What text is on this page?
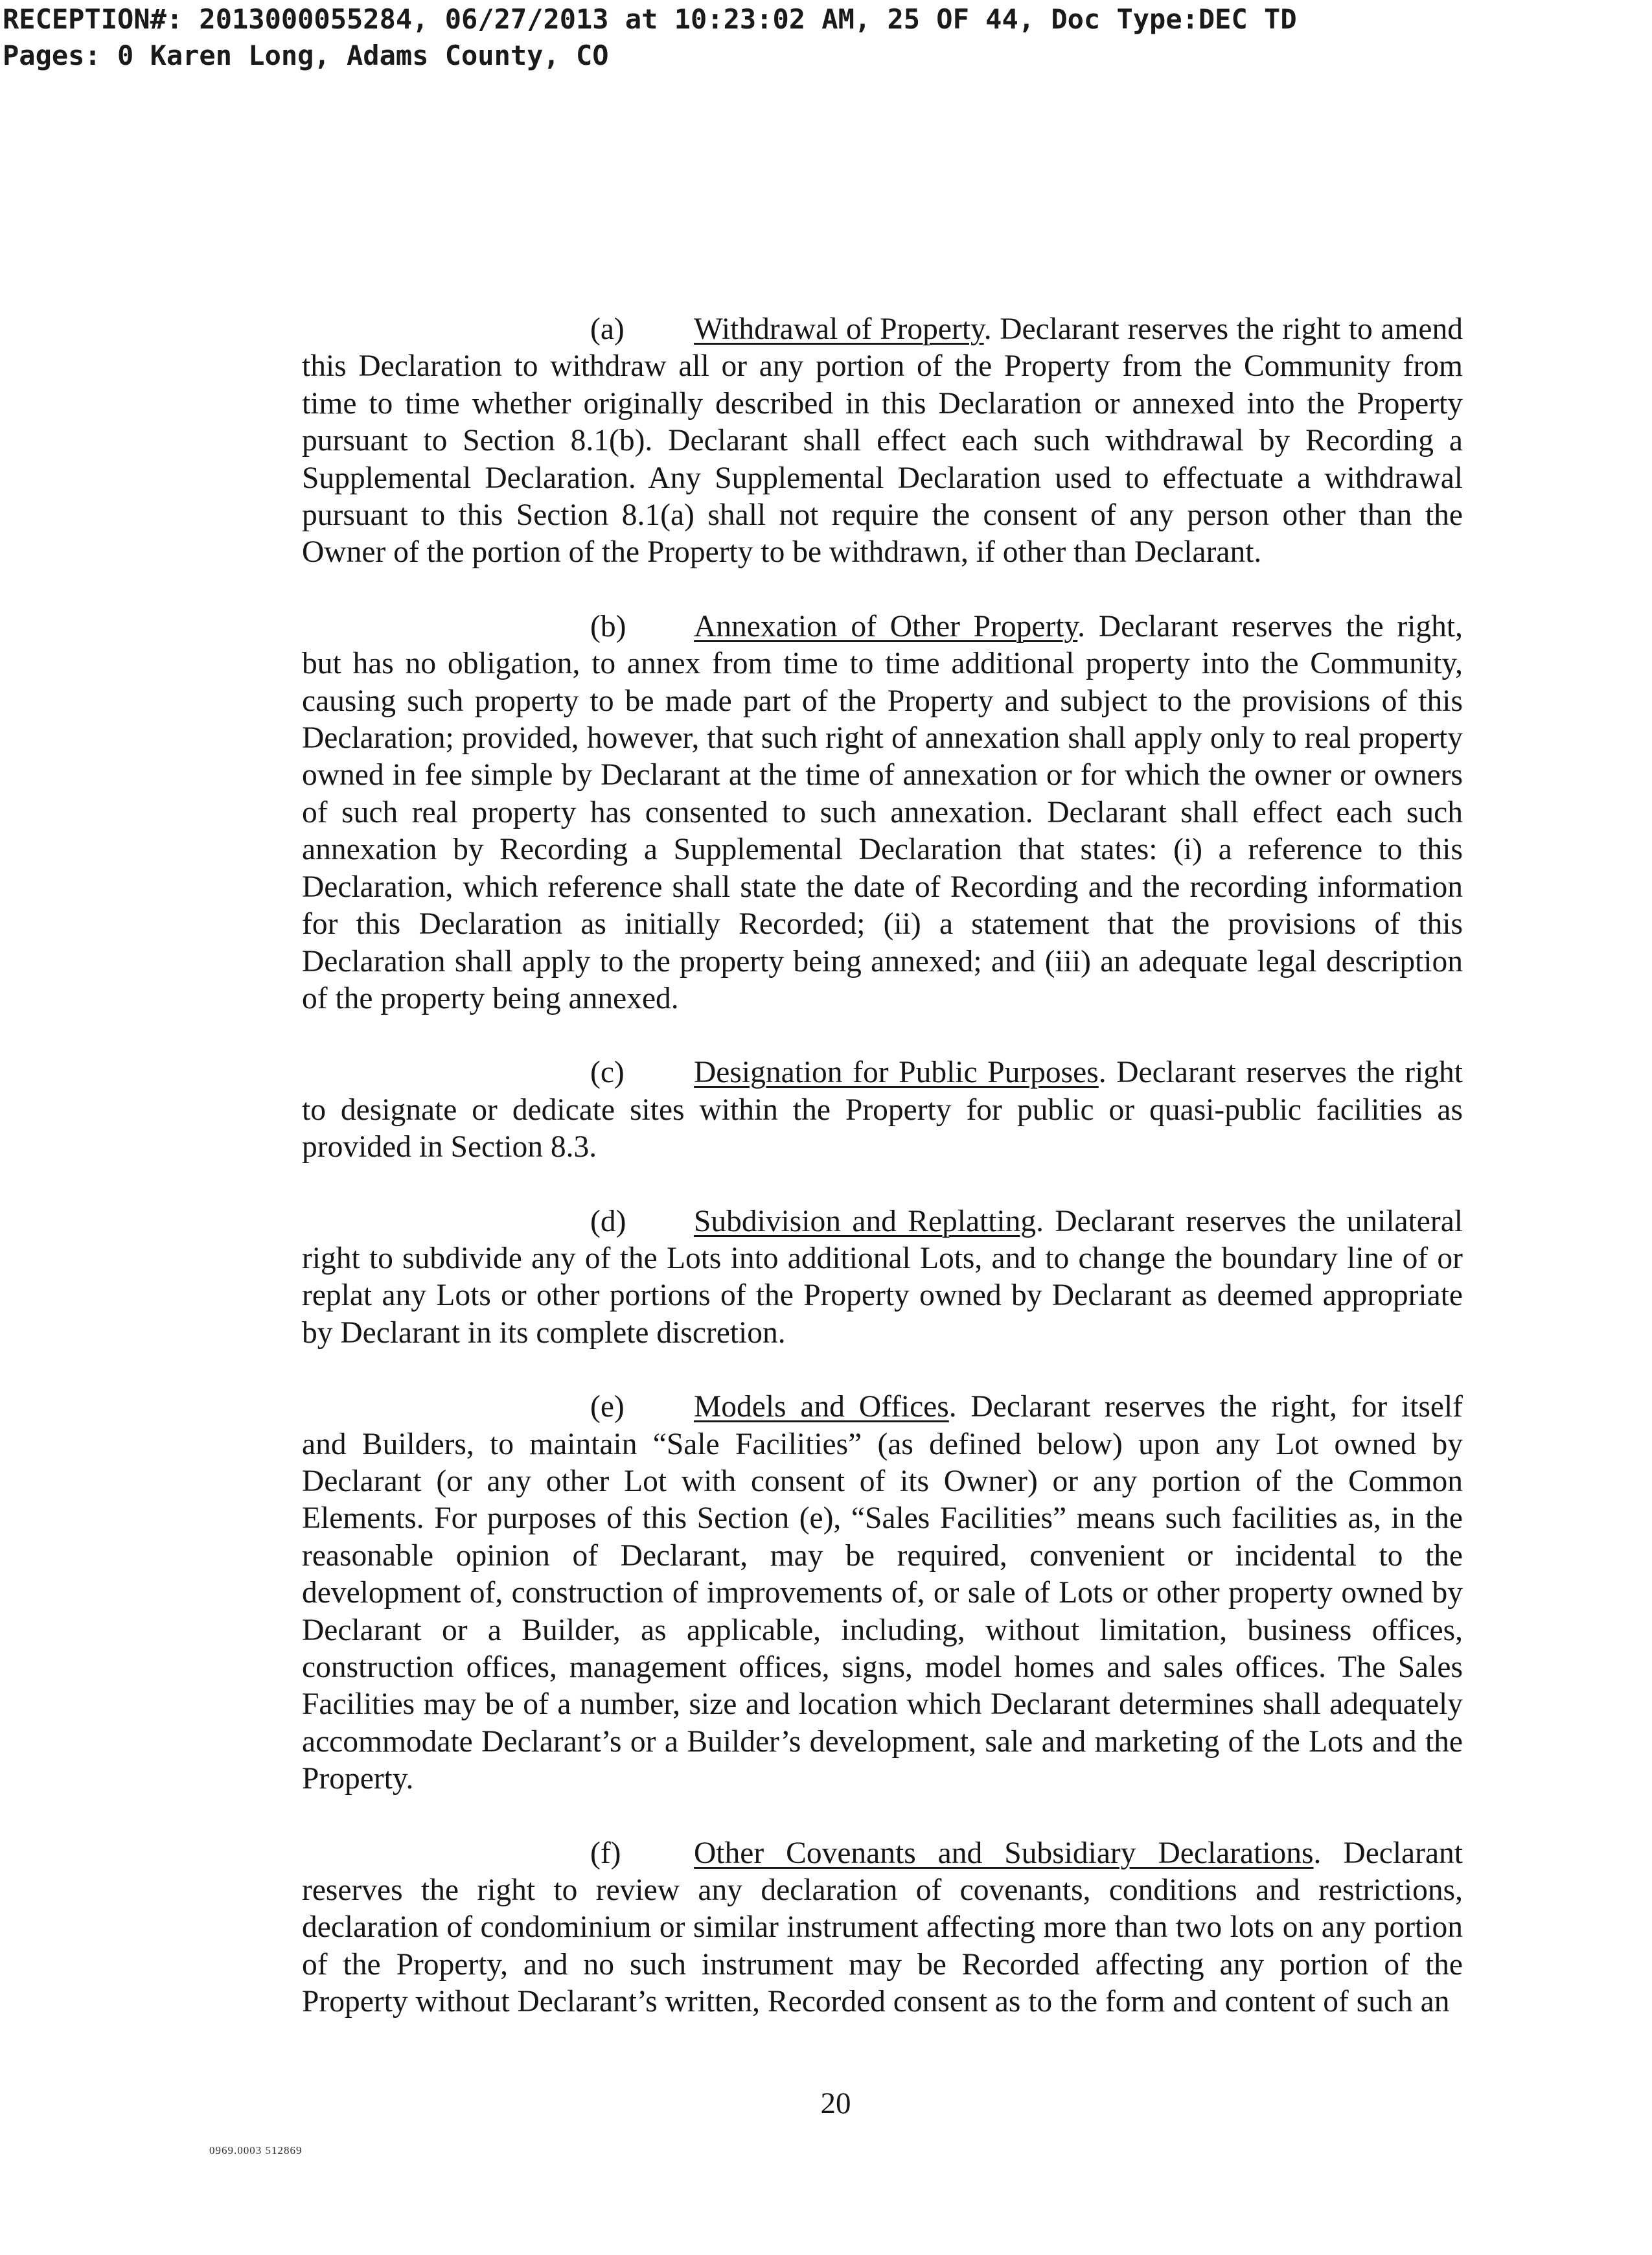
RECEPTION#: 2013000055284, 06/27/2013 at 10:23:02 AM, 25 OF 44, Doc Type:DEC TD
Pages: 0 Karen Long, Adams County, CO

(a) Withdrawal of Property. Declarant reserves the right to amend this Declaration to withdraw all or any portion of the Property from the Community from time to time whether originally described in this Declaration or annexed into the Property pursuant to Section 8.1(b). Declarant shall effect each such withdrawal by Recording a Supplemental Declaration. Any Supplemental Declaration used to effectuate a withdrawal pursuant to this Section 8.1(a) shall not require the consent of any person other than the Owner of the portion of the Property to be withdrawn, if other than Declarant.

(b) Annexation of Other Property. Declarant reserves the right, but has no obligation, to annex from time to time additional property into the Community, causing such property to be made part of the Property and subject to the provisions of this Declaration; provided, however, that such right of annexation shall apply only to real property owned in fee simple by Declarant at the time of annexation or for which the owner or owners of such real property has consented to such annexation. Declarant shall effect each such annexation by Recording a Supplemental Declaration that states: (i) a reference to this Declaration, which reference shall state the date of Recording and the recording information for this Declaration as initially Recorded; (ii) a statement that the provisions of this Declaration shall apply to the property being annexed; and (iii) an adequate legal description of the property being annexed.

(c) Designation for Public Purposes. Declarant reserves the right to designate or dedicate sites within the Property for public or quasi-public facilities as provided in Section 8.3.

(d) Subdivision and Replatting. Declarant reserves the unilateral right to subdivide any of the Lots into additional Lots, and to change the boundary line of or replat any Lots or other portions of the Property owned by Declarant as deemed appropriate by Declarant in its complete discretion.

(e) Models and Offices. Declarant reserves the right, for itself and Builders, to maintain “Sale Facilities” (as defined below) upon any Lot owned by Declarant (or any other Lot with consent of its Owner) or any portion of the Common Elements. For purposes of this Section (e), “Sales Facilities” means such facilities as, in the reasonable opinion of Declarant, may be required, convenient or incidental to the development of, construction of improvements of, or sale of Lots or other property owned by Declarant or a Builder, as applicable, including, without limitation, business offices, construction offices, management offices, signs, model homes and sales offices. The Sales Facilities may be of a number, size and location which Declarant determines shall adequately accommodate Declarant’s or a Builder’s development, sale and marketing of the Lots and the Property.

(f) Other Covenants and Subsidiary Declarations. Declarant reserves the right to review any declaration of covenants, conditions and restrictions, declaration of condominium or similar instrument affecting more than two lots on any portion of the Property, and no such instrument may be Recorded affecting any portion of the Property without Declarant’s written, Recorded consent as to the form and content of such an

20
0969.0003 512869
